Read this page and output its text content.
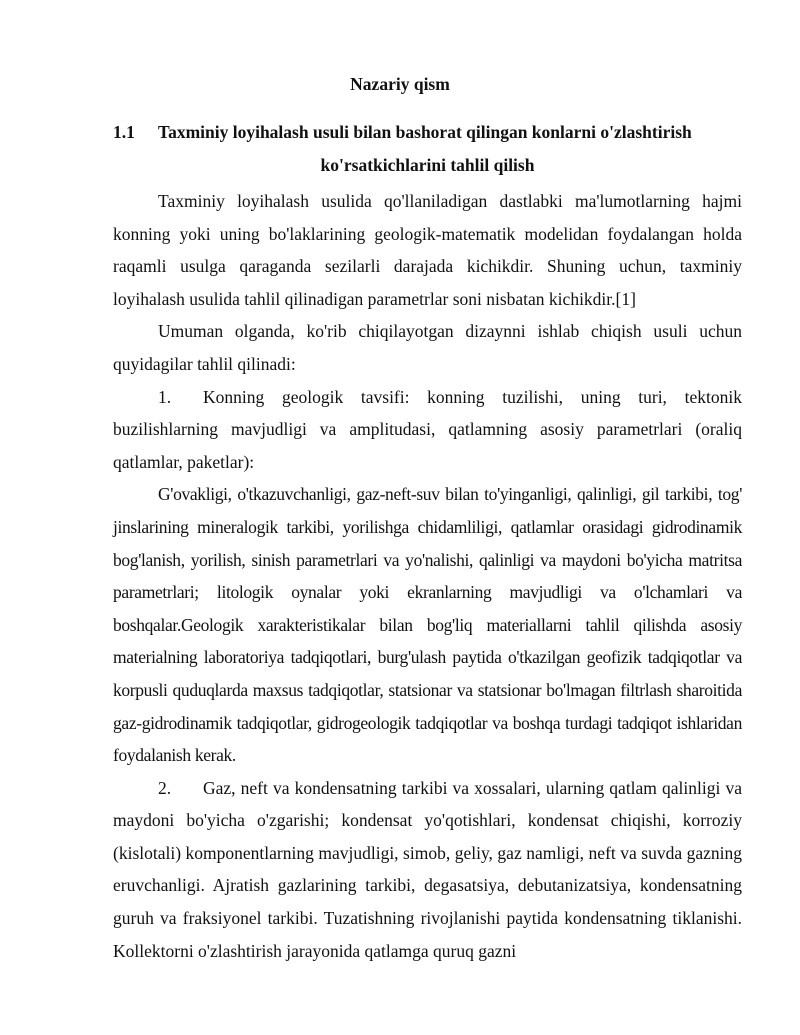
Nazariy qism
1.1	Taxminiy loyihalash usuli bilan bashorat qilingan konlarni o'zlashtirish
ko'rsatkichlarini tahlil qilish

Taxminiy loyihalash usulida qo'llaniladigan dastlabki ma'lumotlarning hajmi konning yoki uning bo'laklarining geologik-matematik modelidan foydalangan holda raqamli usulga qaraganda sezilarli darajada kichikdir. Shuning uchun, taxminiy loyihalash usulida tahlil qilinadigan parametrlar soni nisbatan kichikdir.[1]

Umuman olganda, ko'rib chiqilayotgan dizaynni ishlab chiqish usuli uchun quyidagilar tahlil qilinadi:

1. Konning geologik tavsifi: konning tuzilishi, uning turi, tektonik buzilishlarning mavjudligi va amplitudasi, qatlamning asosiy parametrlari (oraliq qatlamlar, paketlar):

G'ovakligi, o'tkazuvchanligi, gaz-neft-suv bilan to'yinganligi, qalinligi, gil tarkibi, tog' jinslarining mineralogik tarkibi, yorilishga chidamliligi, qatlamlar orasidagi gidrodinamik bog'lanish, yorilish, sinish parametrlari va yo'nalishi, qalinligi va maydoni bo'yicha matritsa parametrlari; litologik oynalar yoki ekranlarning mavjudligi va o'lchamlari va boshqalar.Geologik xarakteristikalar bilan bog'liq materiallarni tahlil qilishda asosiy materialning laboratoriya tadqiqotlari, burg'ulash paytida o'tkazilgan geofizik tadqiqotlar va korpusli quduqlarda maxsus tadqiqotlar, statsionar va statsionar bo'lmagan filtrlash sharoitida gaz-gidrodinamik tadqiqotlar, gidrogeologik tadqiqotlar va boshqa turdagi tadqiqot ishlaridan foydalanish kerak.

2. Gaz, neft va kondensatning tarkibi va xossalari, ularning qatlam qalinligi va maydoni bo'yicha o'zgarishi; kondensat yo'qotishlari, kondensat chiqishi, korroziy (kislotali) komponentlarning mavjudligi, simob, geliy, gaz namligi, neft va suvda gazning eruvchanligi. Ajratish gazlarining tarkibi, degasatsiya, debutanizatsiya, kondensatning guruh va fraksiyonel tarkibi. Tuzatishning rivojlanishi paytida kondensatning tiklanishi. Kollektorni o'zlashtirish jarayonida qatlamga quruq gazni
